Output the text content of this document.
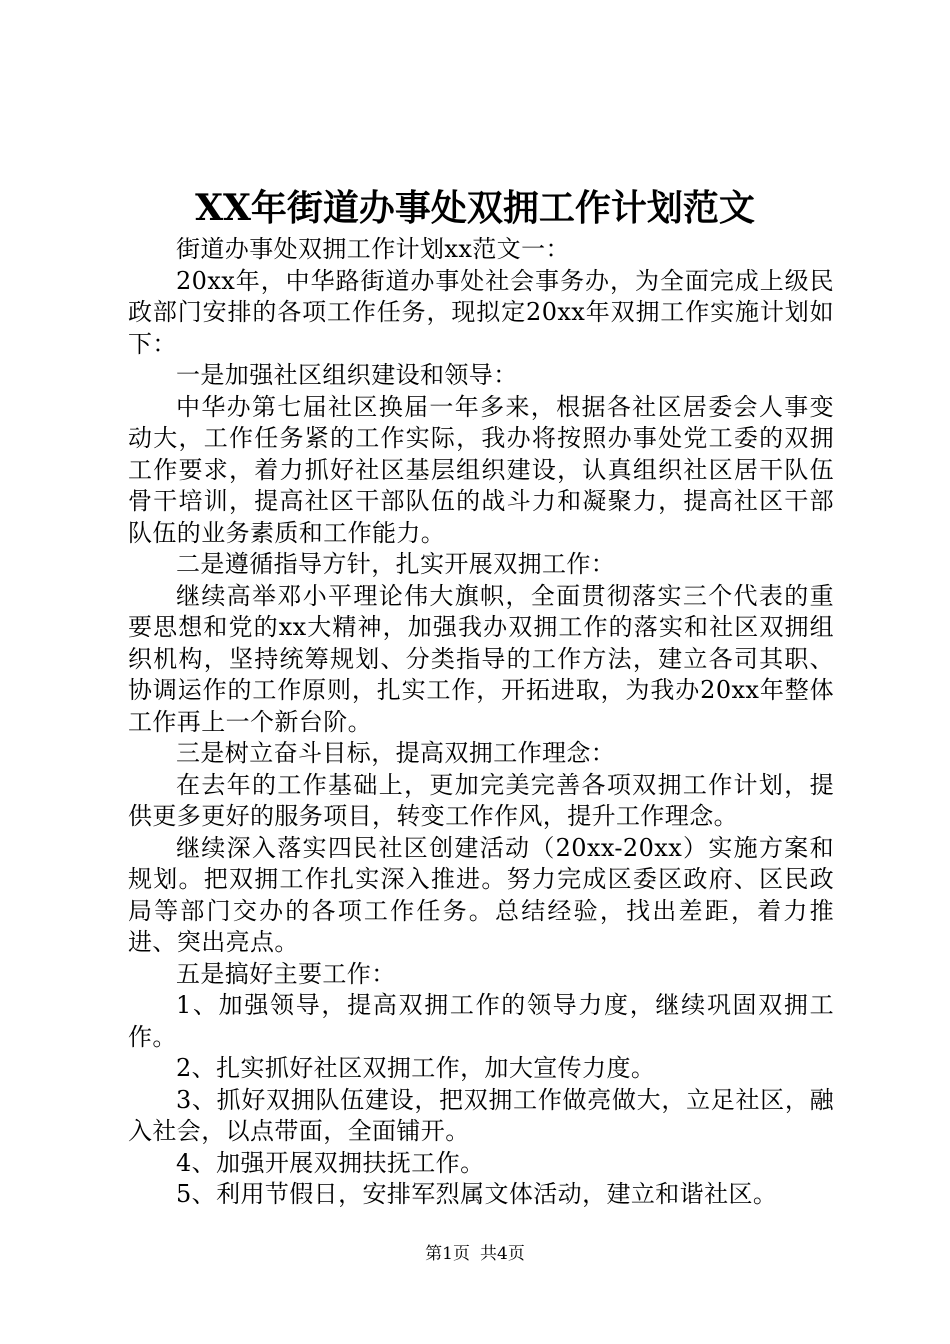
XX年街道办事处双拥工作计划范文

街道办事处双拥工作计划xx范文一：

20xx年，中华路街道办事处社会事务办，为全面完成上级民政部门安排的各项工作任务，现拟定20xx年双拥工作实施计划如下：

一是加强社区组织建设和领导：

中华办第七届社区换届一年多来，根据各社区居委会人事变动大，工作任务紧的工作实际，我办将按照办事处党工委的双拥工作要求，着力抓好社区基层组织建设，认真组织社区居干队伍骨干培训，提高社区干部队伍的战斗力和凝聚力，提高社区干部队伍的业务素质和工作能力。

二是遵循指导方针，扎实开展双拥工作：

继续高举邓小平理论伟大旗帜，全面贯彻落实三个代表的重要思想和党的xx大精神，加强我办双拥工作的落实和社区双拥组织机构，坚持统筹规划、分类指导的工作方法，建立各司其职、协调运作的工作原则，扎实工作，开拓进取，为我办20xx年整体工作再上一个新台阶。

三是树立奋斗目标，提高双拥工作理念：

在去年的工作基础上，更加完美完善各项双拥工作计划，提供更多更好的服务项目，转变工作作风，提升工作理念。

继续深入落实四民社区创建活动（20xx-20xx）实施方案和规划。把双拥工作扎实深入推进。努力完成区委区政府、区民政局等部门交办的各项工作任务。总结经验，找出差距，着力推进、突出亮点。

五是搞好主要工作：

1、加强领导，提高双拥工作的领导力度，继续巩固双拥工作。

2、扎实抓好社区双拥工作，加大宣传力度。

3、抓好双拥队伍建设，把双拥工作做亮做大，立足社区，融入社会，以点带面，全面铺开。

4、加强开展双拥扶抚工作。

5、利用节假日，安排军烈属文体活动，建立和谐社区。

第1页 共4页
